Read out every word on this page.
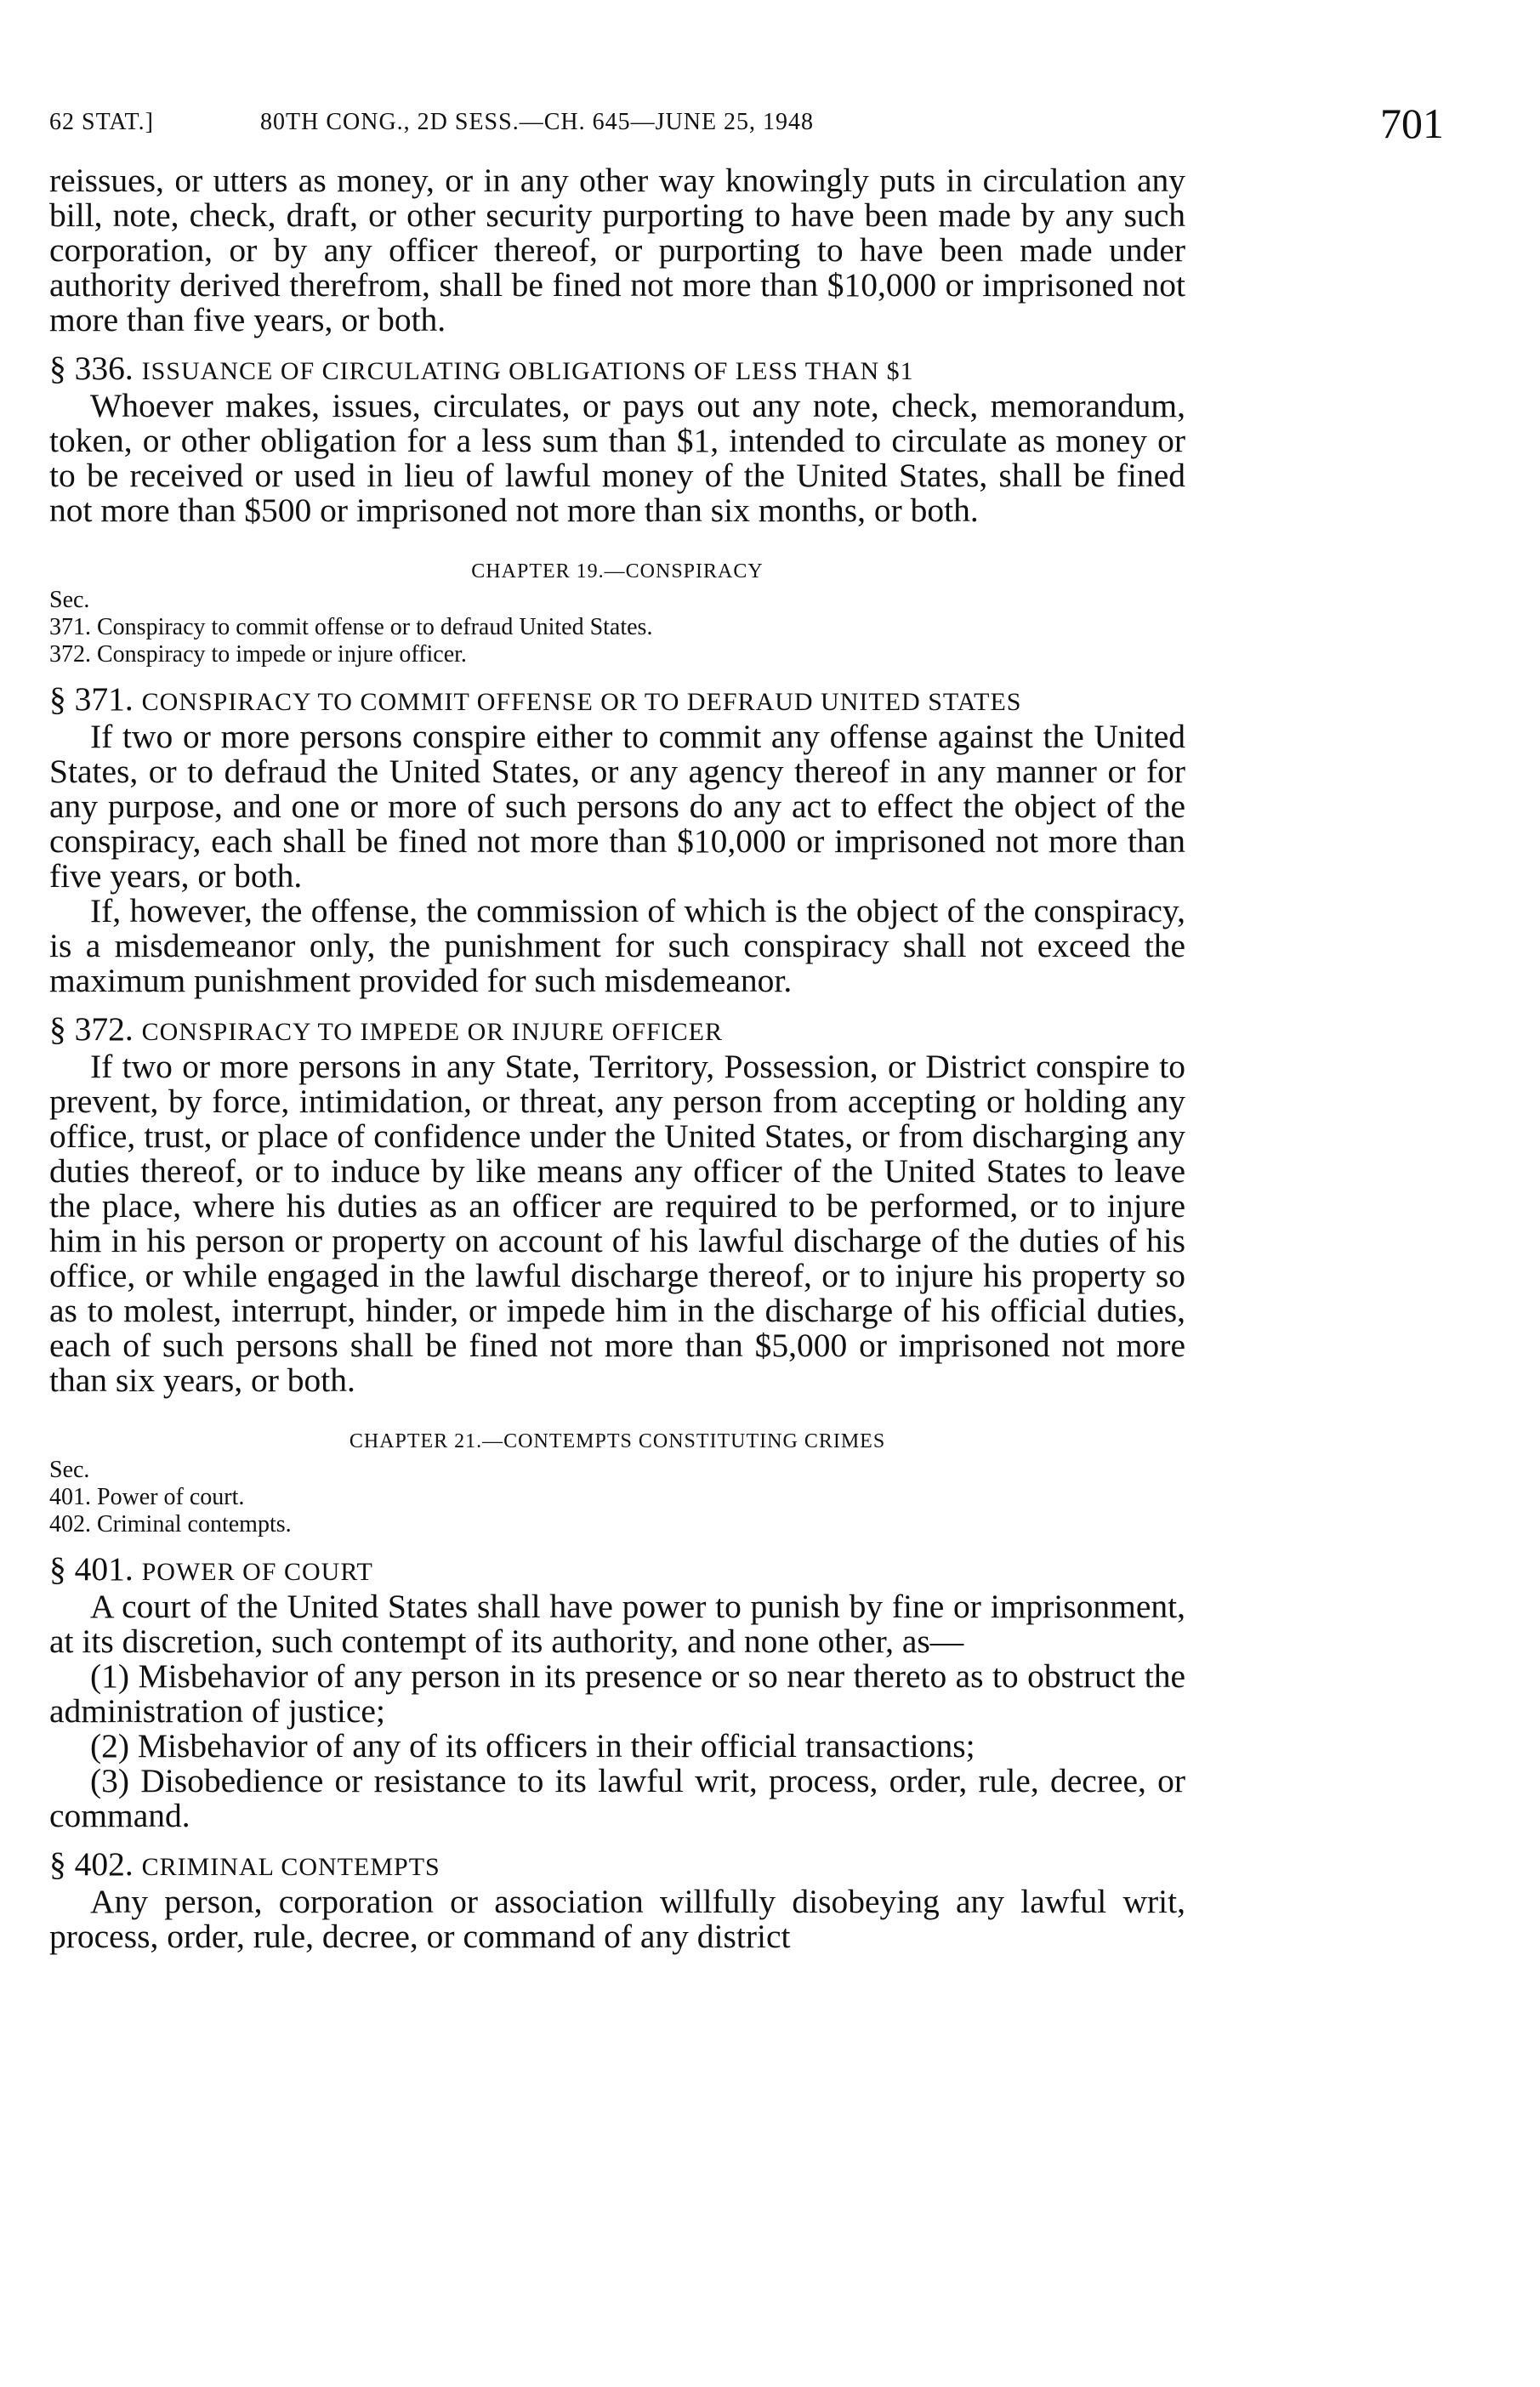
62 STAT.]	80TH CONG., 2D SESS.—CH. 645—JUNE 25, 1948	701

reissues, or utters as money, or in any other way knowingly puts in circulation any bill, note, check, draft, or other security purporting to have been made by any such corporation, or by any officer thereof, or purporting to have been made under authority derived therefrom, shall be fined not more than $10,000 or imprisoned not more than five years, or both.

§ 336. ISSUANCE OF CIRCULATING OBLIGATIONS OF LESS THAN $1

Whoever makes, issues, circulates, or pays out any note, check, memorandum, token, or other obligation for a less sum than $1, intended to circulate as money or to be received or used in lieu of lawful money of the United States, shall be fined not more than $500 or imprisoned not more than six months, or both.

CHAPTER 19.—CONSPIRACY
Sec.
371. Conspiracy to commit offense or to defraud United States.
372. Conspiracy to impede or injure officer.
§ 371. CONSPIRACY TO COMMIT OFFENSE OR TO DEFRAUD UNITED STATES

If two or more persons conspire either to commit any offense against the United States, or to defraud the United States, or any agency thereof in any manner or for any purpose, and one or more of such persons do any act to effect the object of the conspiracy, each shall be fined not more than $10,000 or imprisoned not more than five years, or both.

If, however, the offense, the commission of which is the object of the conspiracy, is a misdemeanor only, the punishment for such conspiracy shall not exceed the maximum punishment provided for such misdemeanor.

§ 372. CONSPIRACY TO IMPEDE OR INJURE OFFICER

If two or more persons in any State, Territory, Possession, or District conspire to prevent, by force, intimidation, or threat, any person from accepting or holding any office, trust, or place of confidence under the United States, or from discharging any duties thereof, or to induce by like means any officer of the United States to leave the place, where his duties as an officer are required to be performed, or to injure him in his person or property on account of his lawful discharge of the duties of his office, or while engaged in the lawful discharge thereof, or to injure his property so as to molest, interrupt, hinder, or impede him in the discharge of his official duties, each of such persons shall be fined not more than $5,000 or imprisoned not more than six years, or both.

CHAPTER 21.—CONTEMPTS CONSTITUTING CRIMES
Sec.
401. Power of court.
402. Criminal contempts.
§ 401. POWER OF COURT

A court of the United States shall have power to punish by fine or imprisonment, at its discretion, such contempt of its authority, and none other, as—

(1) Misbehavior of any person in its presence or so near thereto as to obstruct the administration of justice;

(2) Misbehavior of any of its officers in their official transactions;

(3) Disobedience or resistance to its lawful writ, process, order, rule, decree, or command.

§ 402. CRIMINAL CONTEMPTS

Any person, corporation or association willfully disobeying any lawful writ, process, order, rule, decree, or command of any district
